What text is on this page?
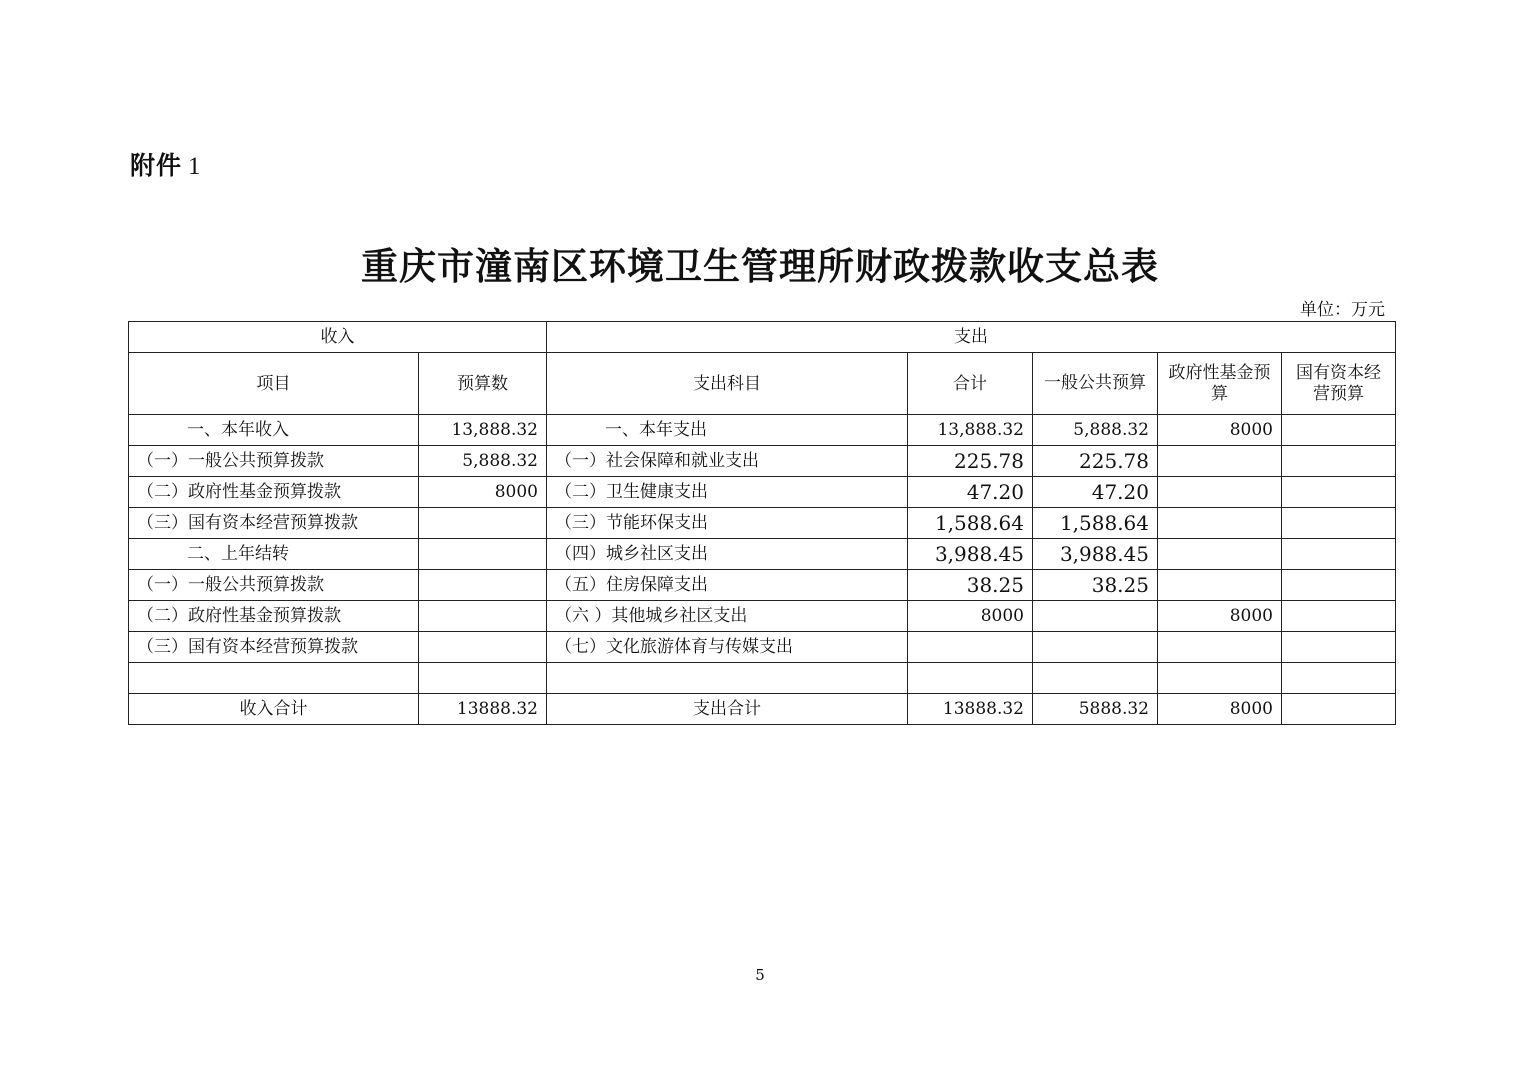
附件 1
重庆市潼南区环境卫生管理所财政拨款收支总表
单位：万元
收入		支出				
项目	预算数	支出科目	合计	一般公共预算	政府性基金预算	国有资本经营预算
一、本年收入	13,888.32	一、本年支出	13,888.32	5,888.32	8000	
（一）一般公共预算拨款	5,888.32	（一）社会保障和就业支出	225.78	225.78		
（二）政府性基金预算拨款	8000	（二）卫生健康支出	47.20	47.20		
（三）国有资本经营预算拨款		（三）节能环保支出	1,588.64	1,588.64		
二、上年结转		（四）城乡社区支出	3,988.45	3,988.45		
（一）一般公共预算拨款		（五）住房保障支出	38.25	38.25		
（二）政府性基金预算拨款		（六 ）其他城乡社区支出	8000		8000	
（三）国有资本经营预算拨款		（七）文化旅游体育与传媒支出				

收入合计	13888.32	支出合计	13888.32	5888.32	8000	
5
